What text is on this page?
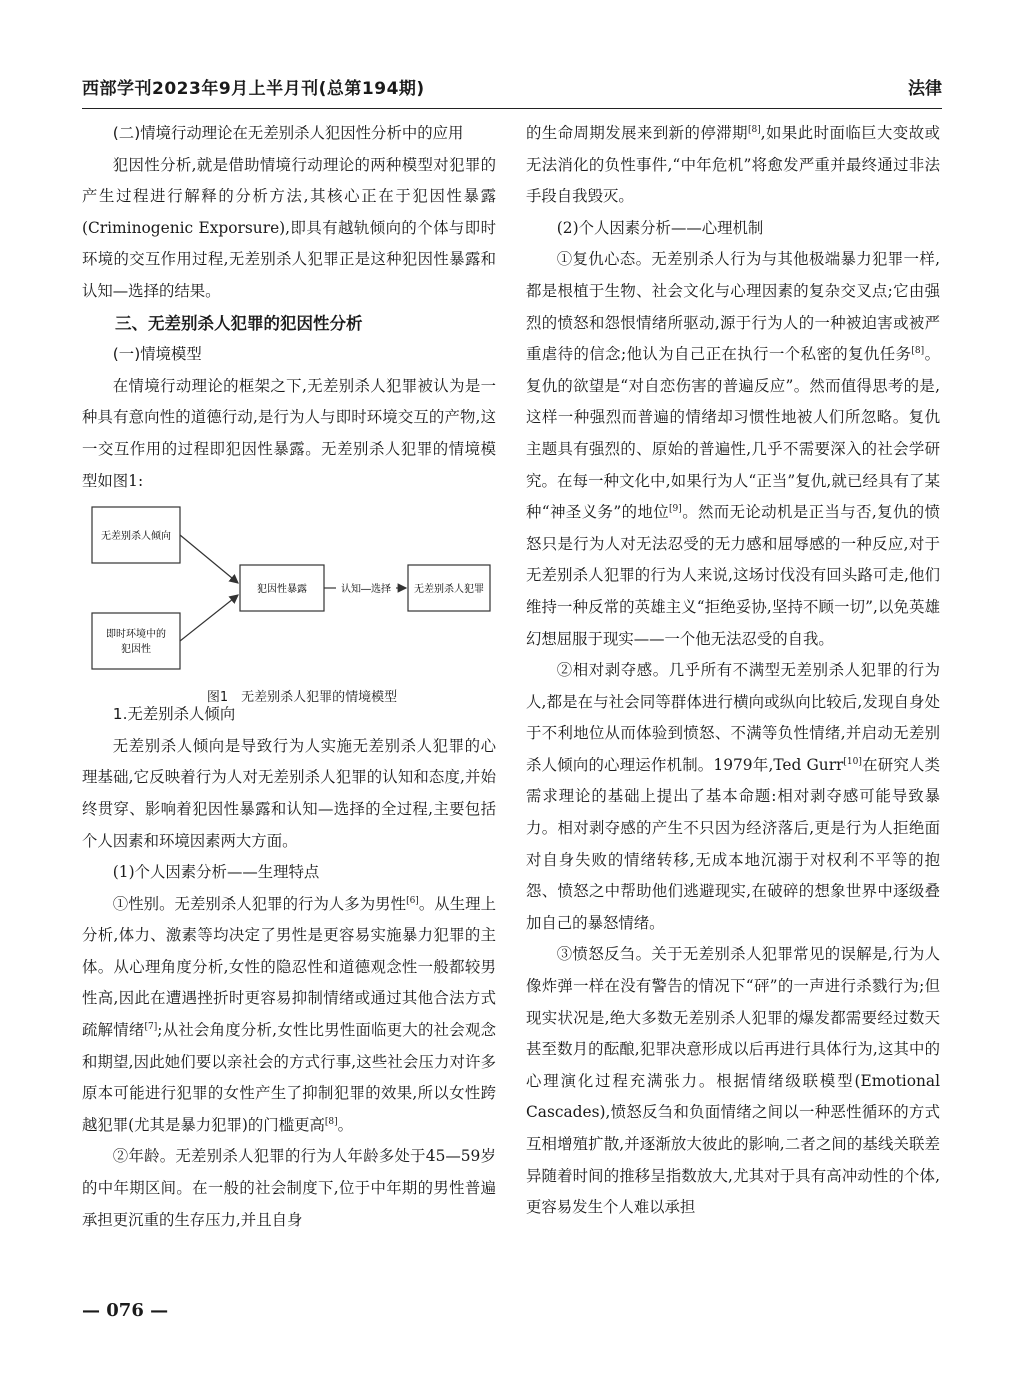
西部学刊2023年9月上半月刊(总第194期)	法律

(二)情境行动理论在无差别杀人犯因性分析中的应用

犯因性分析,就是借助情境行动理论的两种模型对犯罪的产生过程进行解释的分析方法,其核心正在于犯因性暴露(Criminogenic Exporsure),即具有越轨倾向的个体与即时环境的交互作用过程,无差别杀人犯罪正是这种犯因性暴露和认知—选择的结果。

三、无差别杀人犯罪的犯因性分析

(一)情境模型

在情境行动理论的框架之下,无差别杀人犯罪被认为是一种具有意向性的道德行动,是行为人与即时环境交互的产物,这一交互作用的过程即犯因性暴露。无差别杀人犯罪的情境模型如图1:

无差别杀人倾向
即时环境中的
犯因性
犯因性暴露	无差别杀人犯罪
认知—选择

图1　无差别杀人犯罪的情境模型

1.无差别杀人倾向

无差别杀人倾向是导致行为人实施无差别杀人犯罪的心理基础,它反映着行为人对无差别杀人犯罪的认知和态度,并始终贯穿、影响着犯因性暴露和认知—选择的全过程,主要包括个人因素和环境因素两大方面。

(1)个人因素分析——生理特点

①性别。无差别杀人犯罪的行为人多为男性[6]。从生理上分析,体力、激素等均决定了男性是更容易实施暴力犯罪的主体。从心理角度分析,女性的隐忍性和道德观念性一般都较男性高,因此在遭遇挫折时更容易抑制情绪或通过其他合法方式疏解情绪[7];从社会角度分析,女性比男性面临更大的社会观念和期望,因此她们要以亲社会的方式行事,这些社会压力对许多原本可能进行犯罪的女性产生了抑制犯罪的效果,所以女性跨越犯罪(尤其是暴力犯罪)的门槛更高[8]。

②年龄。无差别杀人犯罪的行为人年龄多处于45—59岁的中年期区间。在一般的社会制度下,位于中年期的男性普遍承担更沉重的生存压力,并且自身

的生命周期发展来到新的停滞期[8],如果此时面临巨大变故或无法消化的负性事件,“中年危机”将愈发严重并最终通过非法手段自我毁灭。

(2)个人因素分析——心理机制

①复仇心态。无差别杀人行为与其他极端暴力犯罪一样,都是根植于生物、社会文化与心理因素的复杂交叉点;它由强烈的愤怒和怨恨情绪所驱动,源于行为人的一种被迫害或被严重虐待的信念;他认为自己正在执行一个私密的复仇任务[8]。复仇的欲望是“对自恋伤害的普遍反应”。然而值得思考的是,这样一种强烈而普遍的情绪却习惯性地被人们所忽略。复仇主题具有强烈的、原始的普遍性,几乎不需要深入的社会学研究。在每一种文化中,如果行为人“正当”复仇,就已经具有了某种“神圣义务”的地位[9]。然而无论动机是正当与否,复仇的愤怒只是行为人对无法忍受的无力感和屈辱感的一种反应,对于无差别杀人犯罪的行为人来说,这场讨伐没有回头路可走,他们维持一种反常的英雄主义“拒绝妥协,坚持不顾一切”,以免英雄幻想屈服于现实——一个他无法忍受的自我。

②相对剥夺感。几乎所有不满型无差别杀人犯罪的行为人,都是在与社会同等群体进行横向或纵向比较后,发现自身处于不利地位从而体验到愤怒、不满等负性情绪,并启动无差别杀人倾向的心理运作机制。1979年,Ted Gurr[10]在研究人类需求理论的基础上提出了基本命题:相对剥夺感可能导致暴力。相对剥夺感的产生不只因为经济落后,更是行为人拒绝面对自身失败的情绪转移,无成本地沉溺于对权利不平等的抱怨、愤怒之中帮助他们逃避现实,在破碎的想象世界中逐级叠加自己的暴怒情绪。

③愤怒反刍。关于无差别杀人犯罪常见的误解是,行为人像炸弹一样在没有警告的情况下“砰”的一声进行杀戮行为;但现实状况是,绝大多数无差别杀人犯罪的爆发都需要经过数天甚至数月的酝酿,犯罪决意形成以后再进行具体行为,这其中的心理演化过程充满张力。根据情绪级联模型(Emotional Cascades),愤怒反刍和负面情绪之间以一种恶性循环的方式互相增殖扩散,并逐渐放大彼此的影响,二者之间的基线关联差异随着时间的推移呈指数放大,尤其对于具有高冲动性的个体,更容易发生个人难以承担

— 076 —
